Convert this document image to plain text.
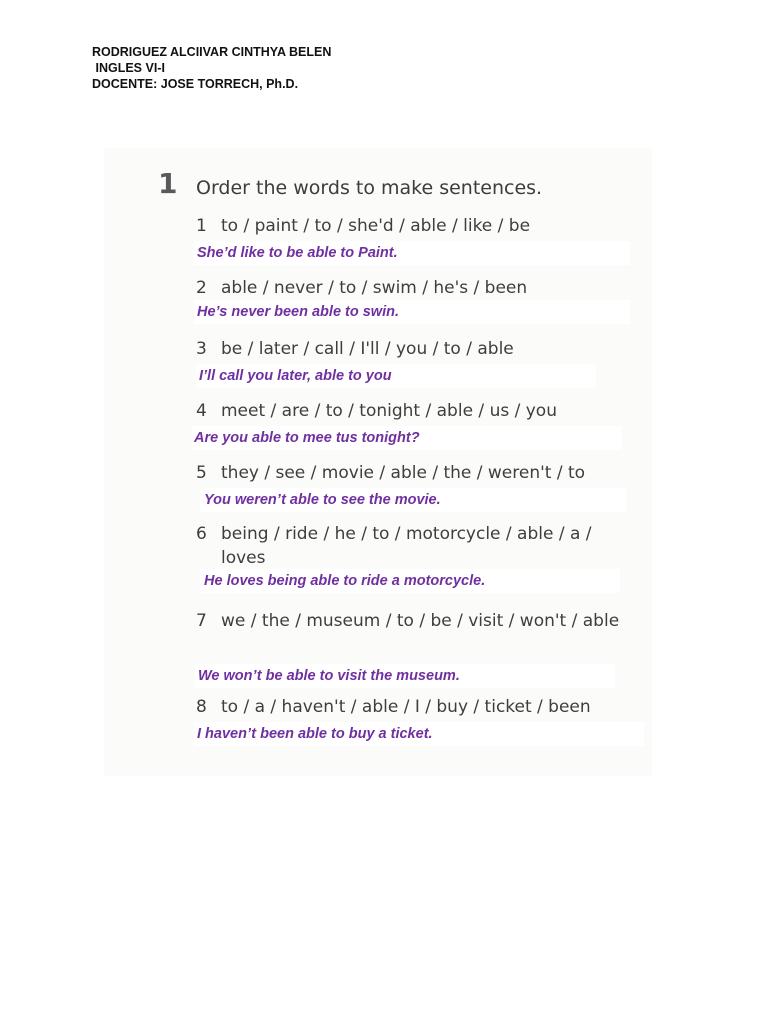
RODRIGUEZ ALCIIVAR CINTHYA BELEN
INGLES VI-I
DOCENTE: JOSE TORRECH, Ph.D.
1 Order the words to make sentences.
1 to / paint / to / she'd / able / like / be
She’d like to be able to Paint.
2 able / never / to / swim / he's / been
He’s never been able to swin.
3 be / later / call / I'll / you / to / able
I’ll call you later, able to you
4 meet / are / to / tonight / able / us / you
Are you able to mee tus tonight?
5 they / see / movie / able / the / weren't / to
You weren’t able to see the movie.
6 being / ride / he / to / motorcycle / able / a / loves
He loves being able to ride a motorcycle.
7 we / the / museum / to / be / visit / won't / able
We won’t be able to visit the museum.
8 to / a / haven't / able / I / buy / ticket / been
I haven’t been able to buy a ticket.
